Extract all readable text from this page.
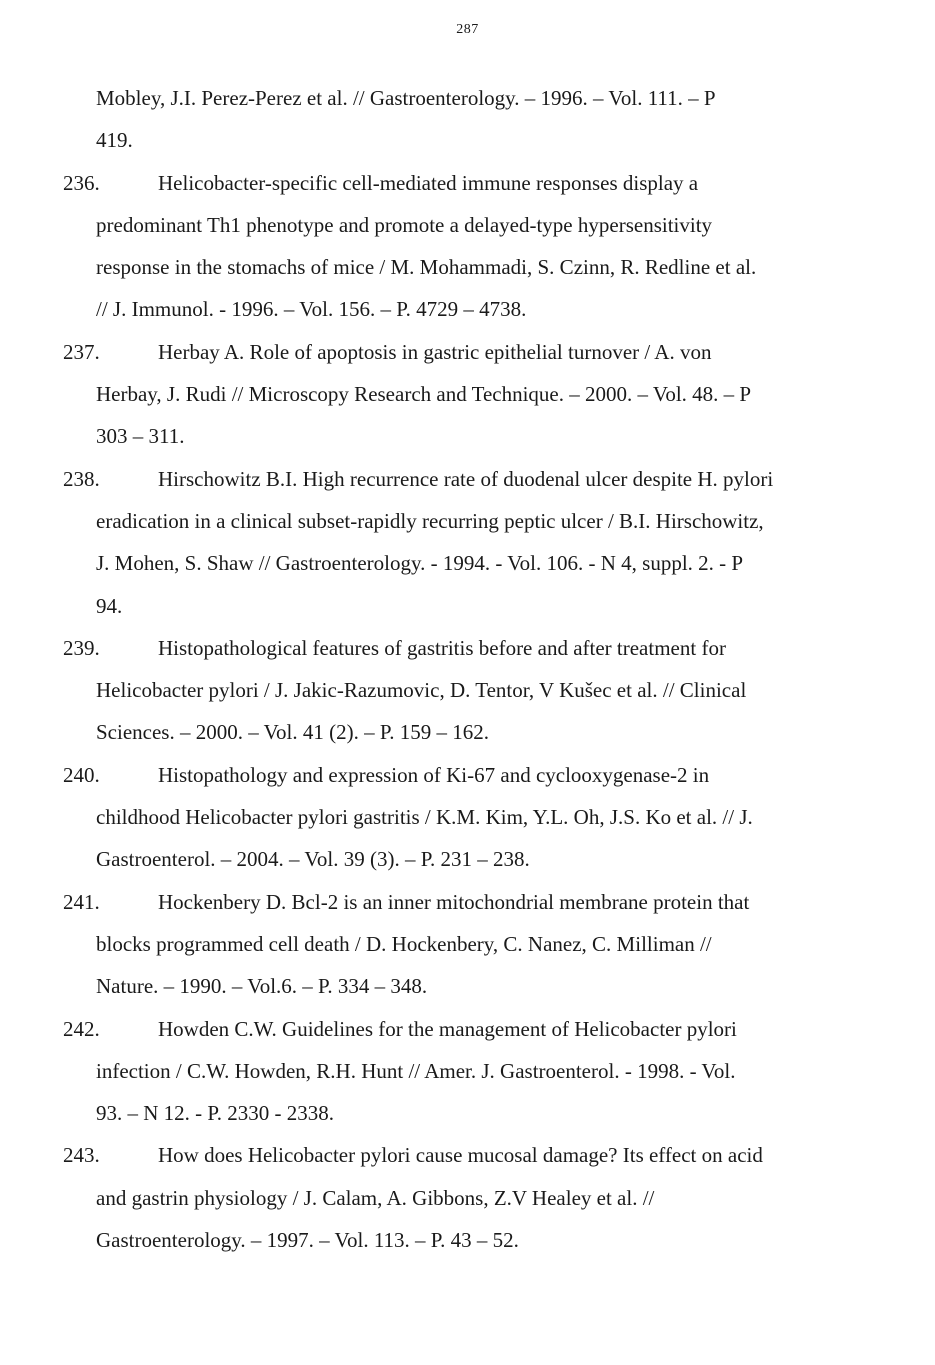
287
Mobley, J.I. Perez-Perez et al. // Gastroenterology. – 1996. – Vol. 111. – P
419.
236.	Helicobacter-specific cell-mediated immune responses display a
predominant Th1 phenotype and promote a delayed-type hypersensitivity
response in the stomachs of mice / M. Mohammadi, S. Czinn, R. Redline et al.
// J. Immunol. - 1996. – Vol. 156. – P. 4729 – 4738.
237.	Herbay A. Role of apoptosis in gastric epithelial turnover / A. von
Herbay, J. Rudi // Microscopy Research and Technique. – 2000. – Vol. 48. – P
303 – 311.
238.	Hirschowitz B.I. High recurrence rate of duodenal ulcer despite H. pylori
eradication in a clinical subset-rapidly recurring peptic ulcer / B.I. Hirschowitz,
J. Mohen, S. Shaw // Gastroenterology. - 1994. - Vol. 106. - N 4, suppl. 2. - P
94.
239.	Histopathological features of gastritis before and after treatment for
Helicobacter pylori / J. Jakic-Razumovic, D. Tentor, V Kušec et al. // Clinical
Sciences. – 2000. – Vol. 41 (2). – P. 159 – 162.
240.	Histopathology and expression of Ki-67 and cyclooxygenase-2 in
childhood Helicobacter pylori gastritis / K.M. Kim, Y.L. Oh, J.S. Ko et al. // J.
Gastroenterol. – 2004. – Vol. 39 (3). – P. 231 – 238.
241.	Hockenbery D. Bcl-2 is an inner mitochondrial membrane protein that
blocks programmed cell death / D. Hockenbery, C. Nanez, C. Milliman //
Nature. – 1990. – Vol.6. – P. 334 – 348.
242.	Howden C.W. Guidelines for the management of Helicobacter pylori
infection / C.W. Howden, R.H. Hunt // Amer. J. Gastroenterol. - 1998. - Vol.
93. – N 12. - P. 2330 - 2338.
243.	How does Helicobacter pylori cause mucosal damage? Its effect on acid
and gastrin physiology / J. Calam, A. Gibbons, Z.V Healey et al. //
Gastroenterology. – 1997. – Vol. 113. – P. 43 – 52.
